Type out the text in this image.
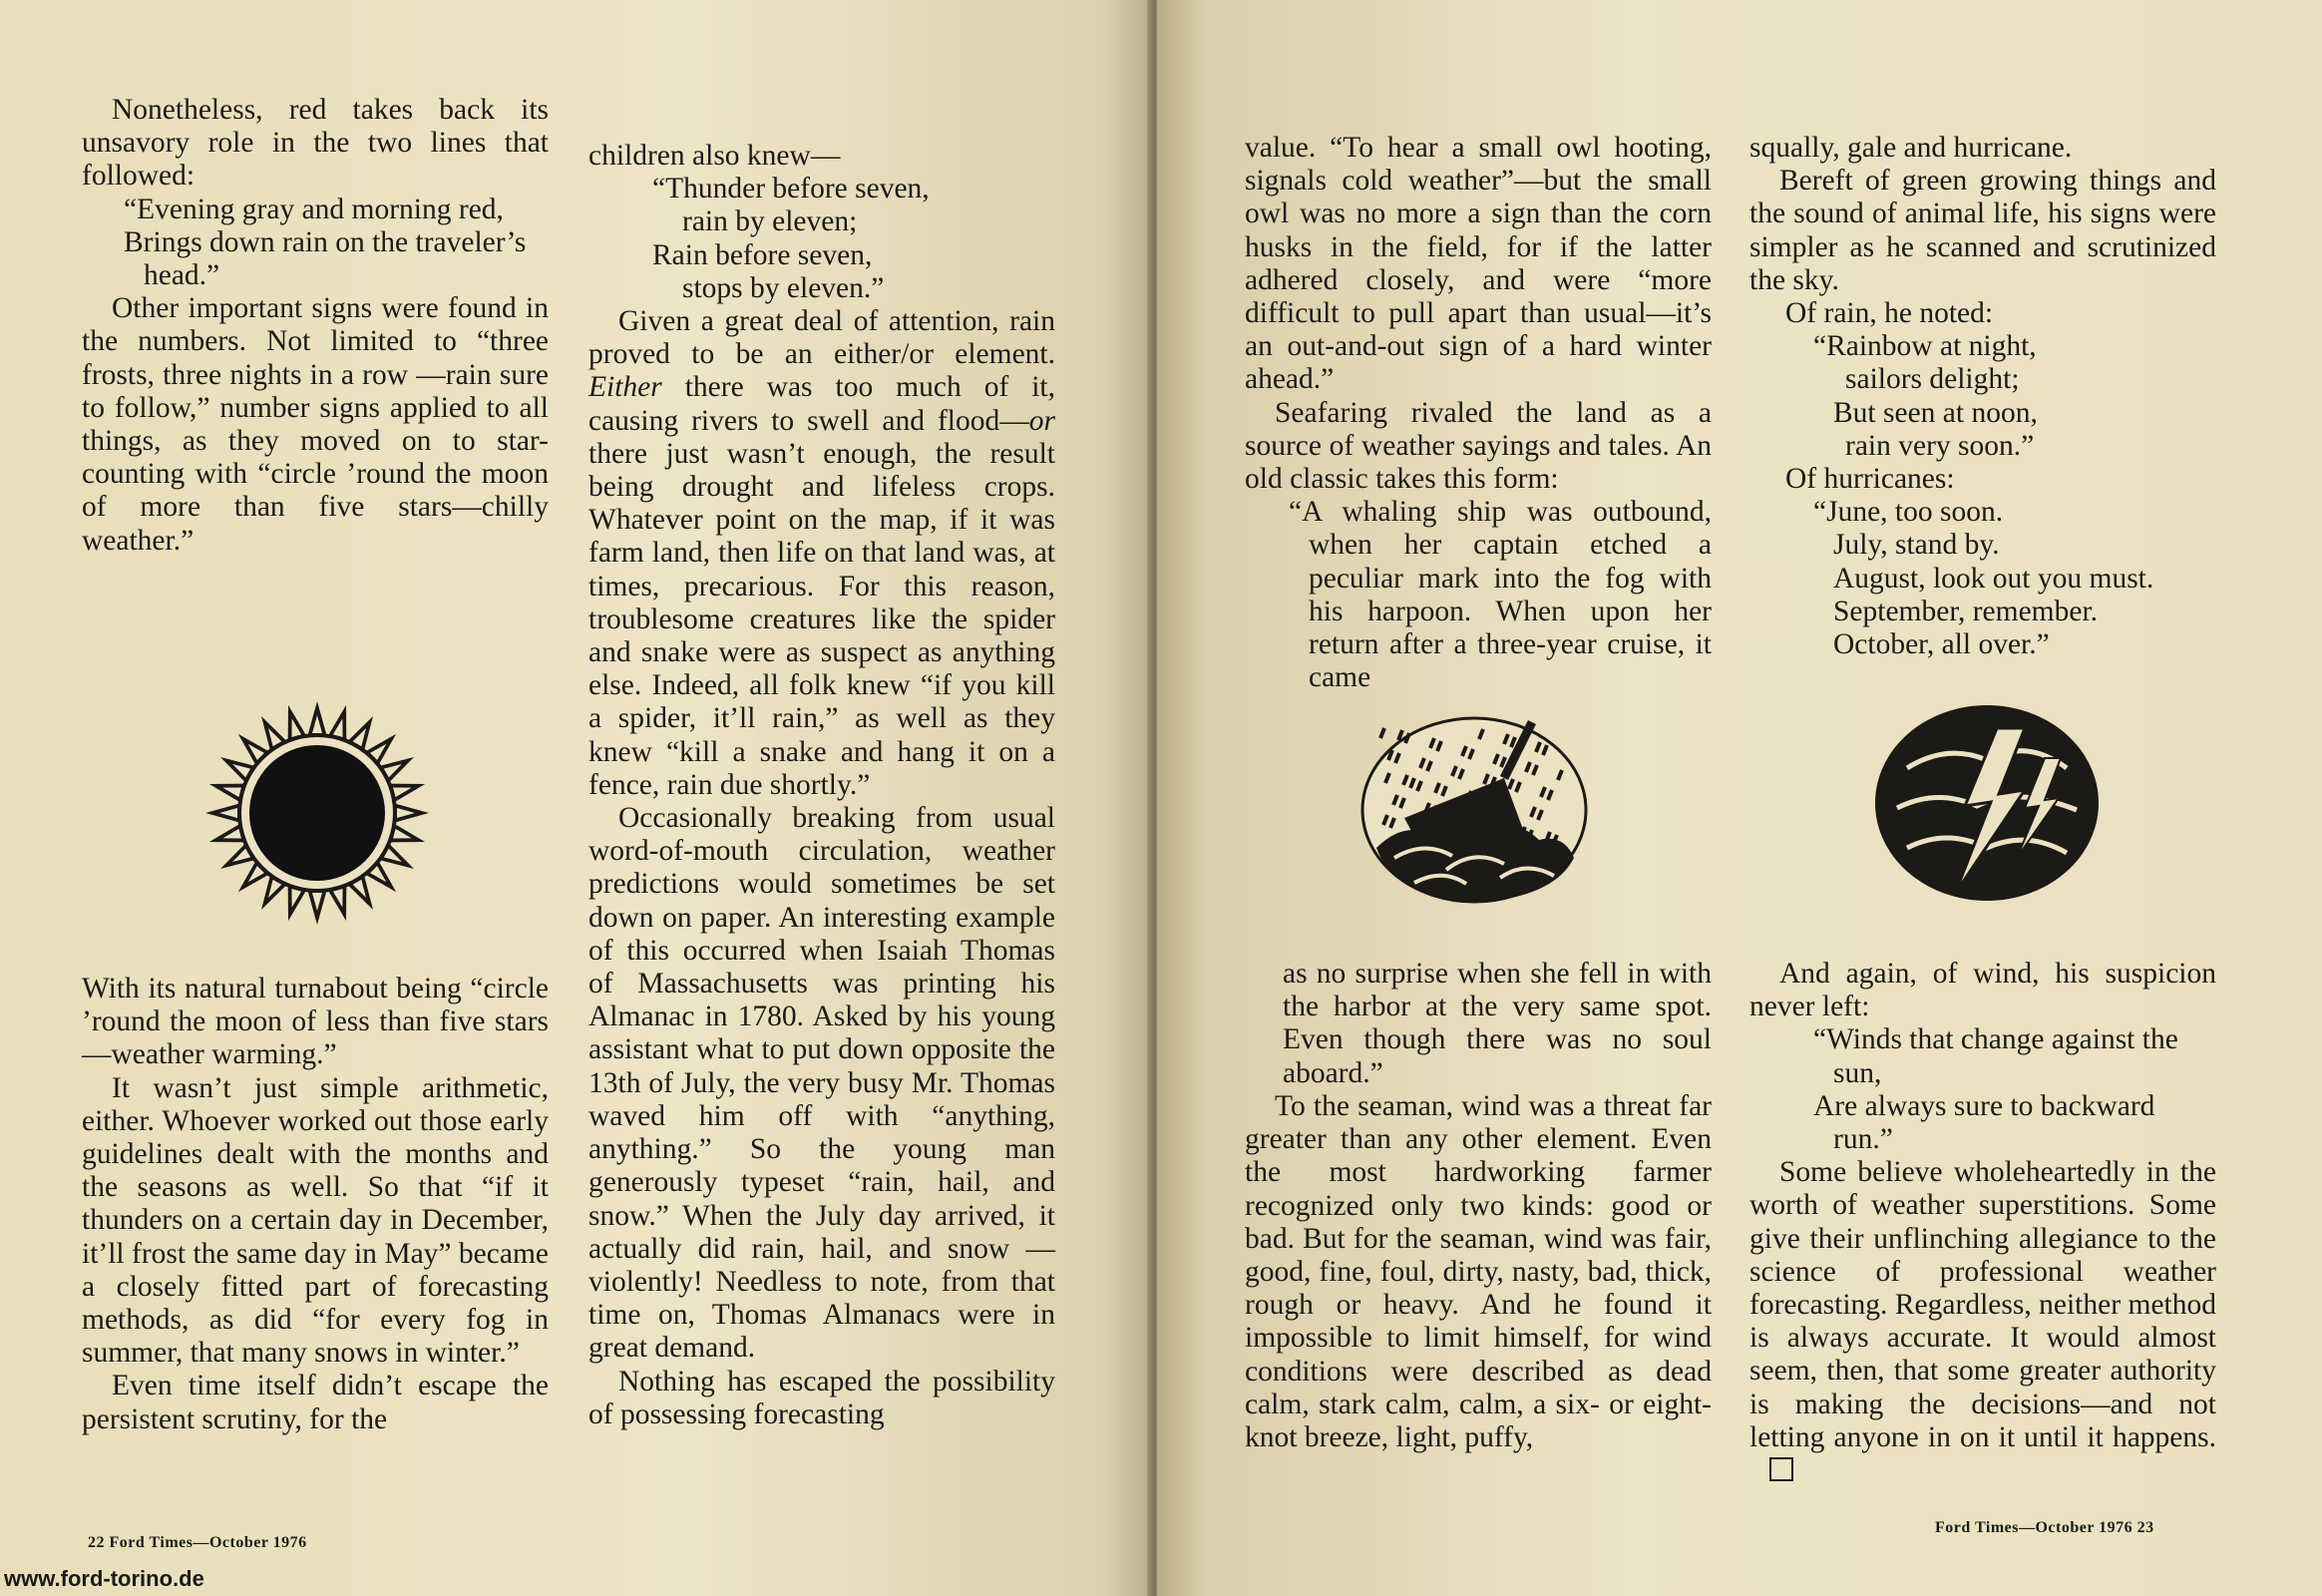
Nonetheless, red takes back its unsavory role in the two lines that followed:

“Evening gray and morning red,

Brings down rain on the traveler’s head.”

Other important signs were found in the numbers. Not limited to “three frosts, three nights in a row —rain sure to follow,” number signs applied to all things, as they moved on to star-counting with “circle ’round the moon of more than five stars—chilly weather.”

With its natural turnabout being “circle ’round the moon of less than five stars—weather warming.”

It wasn’t just simple arithmetic, either. Whoever worked out those early guidelines dealt with the months and the seasons as well. So that “if it thunders on a certain day in December, it’ll frost the same day in May” became a closely fitted part of forecasting methods, as did “for every fog in summer, that many snows in winter.”

Even time itself didn’t escape the persistent scrutiny, for the

children also knew—

“Thunder before seven,

rain by eleven;

Rain before seven,

stops by eleven.”

Given a great deal of attention, rain proved to be an either/or element. Either there was too much of it, causing rivers to swell and flood—or there just wasn’t enough, the result being drought and lifeless crops. Whatever point on the map, if it was farm land, then life on that land was, at times, precarious. For this reason, troublesome creatures like the spider and snake were as suspect as anything else. Indeed, all folk knew “if you kill a spider, it’ll rain,” as well as they knew “kill a snake and hang it on a fence, rain due shortly.”

Occasionally breaking from usual word-of-mouth circulation, weather predictions would sometimes be set down on paper. An interesting example of this occurred when Isaiah Thomas of Massachusetts was printing his Almanac in 1780. Asked by his young assistant what to put down opposite the 13th of July, the very busy Mr. Thomas waved him off with “anything, anything.” So the young man generously typeset “rain, hail, and snow.” When the July day arrived, it actually did rain, hail, and snow —violently! Needless to note, from that time on, Thomas Almanacs were in great demand.

Nothing has escaped the possibility of possessing forecasting

22 Ford Times—October 1976

value. “To hear a small owl hooting, signals cold weather”—but the small owl was no more a sign than the corn husks in the field, for if the latter adhered closely, and were “more difficult to pull apart than usual—it’s an out-and-out sign of a hard winter ahead.”

Seafaring rivaled the land as a source of weather sayings and tales. An old classic takes this form:

“A whaling ship was outbound, when her captain etched a peculiar mark into the fog with his harpoon. When upon her return after a three-year cruise, it came

as no surprise when she fell in with the harbor at the very same spot. Even though there was no soul aboard.”

To the seaman, wind was a threat far greater than any other element. Even the most hardworking farmer recognized only two kinds: good or bad. But for the seaman, wind was fair, good, fine, foul, dirty, nasty, bad, thick, rough or heavy. And he found it impossible to limit himself, for wind conditions were described as dead calm, stark calm, calm, a six- or eight-knot breeze, light, puffy,

squally, gale and hurricane.

Bereft of green growing things and the sound of animal life, his signs were simpler as he scanned and scrutinized the sky.

Of rain, he noted:

“Rainbow at night,

sailors delight;

But seen at noon,

rain very soon.”

Of hurricanes:

“June, too soon.

July, stand by.

August, look out you must.

September, remember.

October, all over.”

And again, of wind, his suspicion never left:

“Winds that change against the sun,

Are always sure to backward run.”

Some believe wholeheartedly in the worth of weather superstitions. Some give their unflinching allegiance to the science of professional weather forecasting. Regardless, neither method is always accurate. It would almost seem, then, that some greater authority is making the decisions—and not letting anyone in on it until it happens.

Ford Times—October 1976 23
www.ford-torino.de
